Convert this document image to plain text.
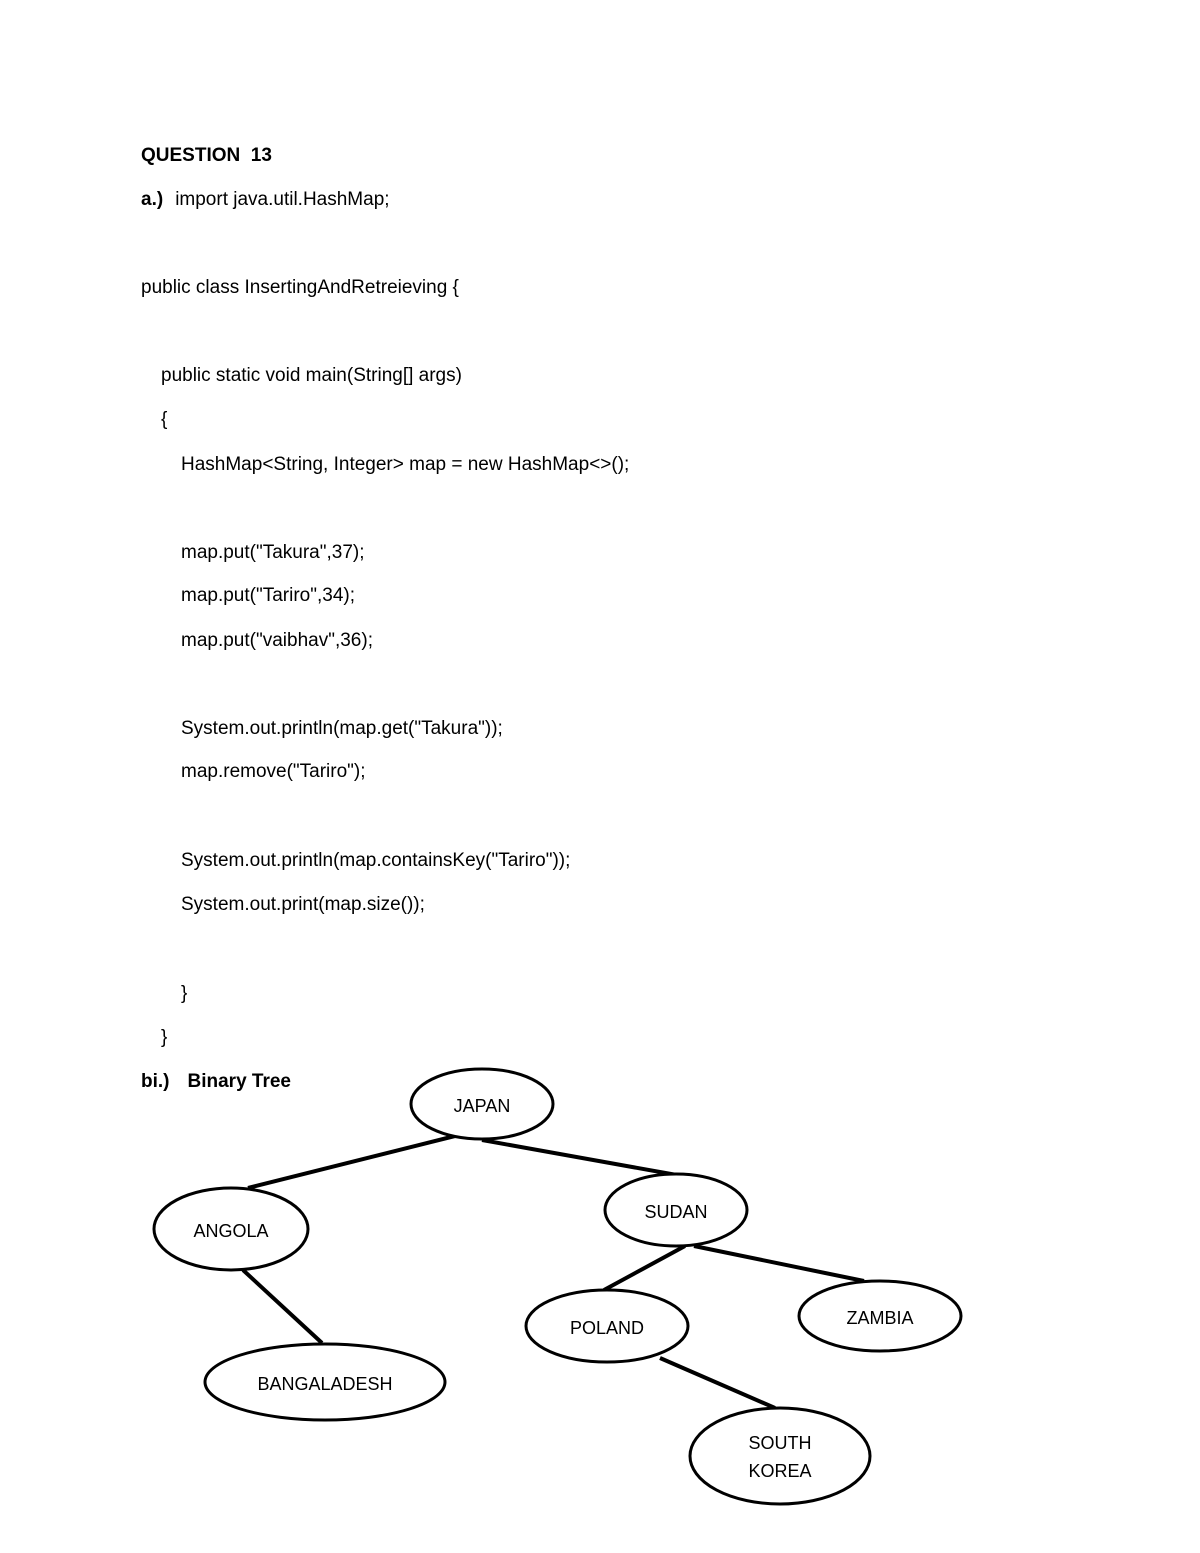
QUESTION  13
a.) import java.util.HashMap;
public class InsertingAndRetreieving {
public static void main(String[] args)
{
HashMap<String, Integer> map = new HashMap<>();
map.put("Takura",37);
map.put("Tariro",34);
map.put("vaibhav",36);
System.out.println(map.get("Takura"));
map.remove("Tariro");
System.out.println(map.containsKey("Tariro"));
System.out.print(map.size());
}
}
bi.) Binary Tree
JAPAN
ANGOLA
SUDAN
BANGALADESH
POLAND	ZAMBIA
SOUTH
KOREA
